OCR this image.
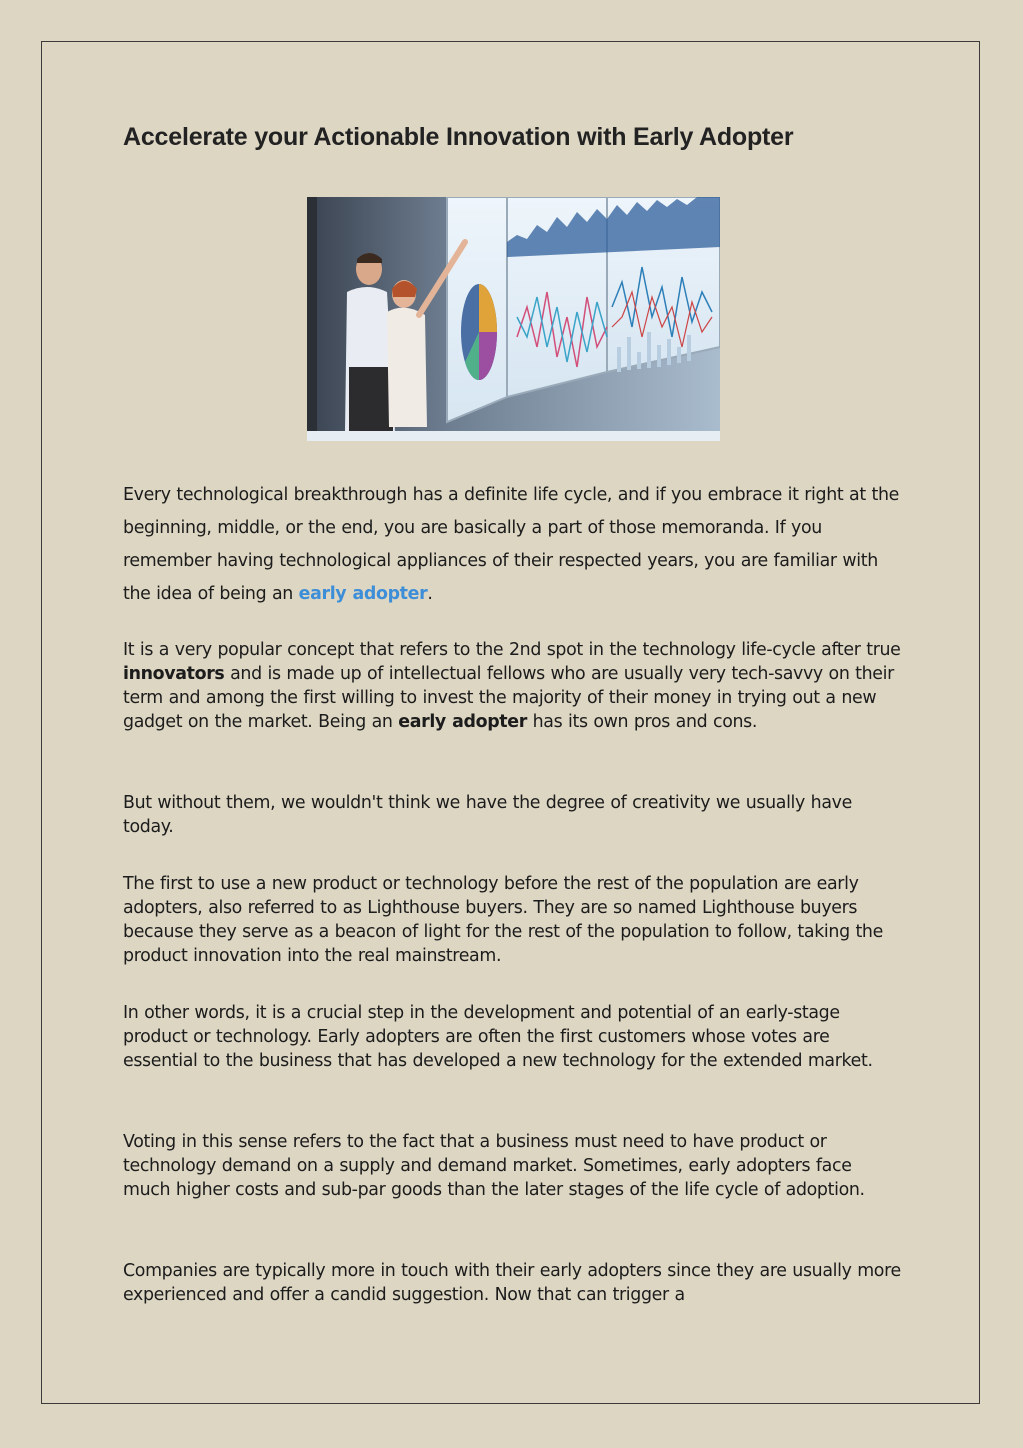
Accelerate your Actionable Innovation with Early Adopter

Every technological breakthrough has a definite life cycle, and if you embrace it right at the beginning, middle, or the end, you are basically a part of those memoranda. If you remember having technological appliances of their respected years, you are familiar with the idea of being an early adopter.

It is a very popular concept that refers to the 2nd spot in the technology life-cycle after true innovators and is made up of intellectual fellows who are usually very tech-savvy on their term and among the first willing to invest the majority of their money in trying out a new gadget on the market. Being an early adopter has its own pros and cons.

But without them, we wouldn't think we have the degree of creativity we usually have today.

The first to use a new product or technology before the rest of the population are early adopters, also referred to as Lighthouse buyers. They are so named Lighthouse buyers because they serve as a beacon of light for the rest of the population to follow, taking the product innovation into the real mainstream.

In other words, it is a crucial step in the development and potential of an early-stage product or technology. Early adopters are often the first customers whose votes are essential to the business that has developed a new technology for the extended market.

Voting in this sense refers to the fact that a business must need to have product or technology demand on a supply and demand market. Sometimes, early adopters face much higher costs and sub-par goods than the later stages of the life cycle of adoption.

Companies are typically more in touch with their early adopters since they are usually more experienced and offer a candid suggestion. Now that can trigger a
